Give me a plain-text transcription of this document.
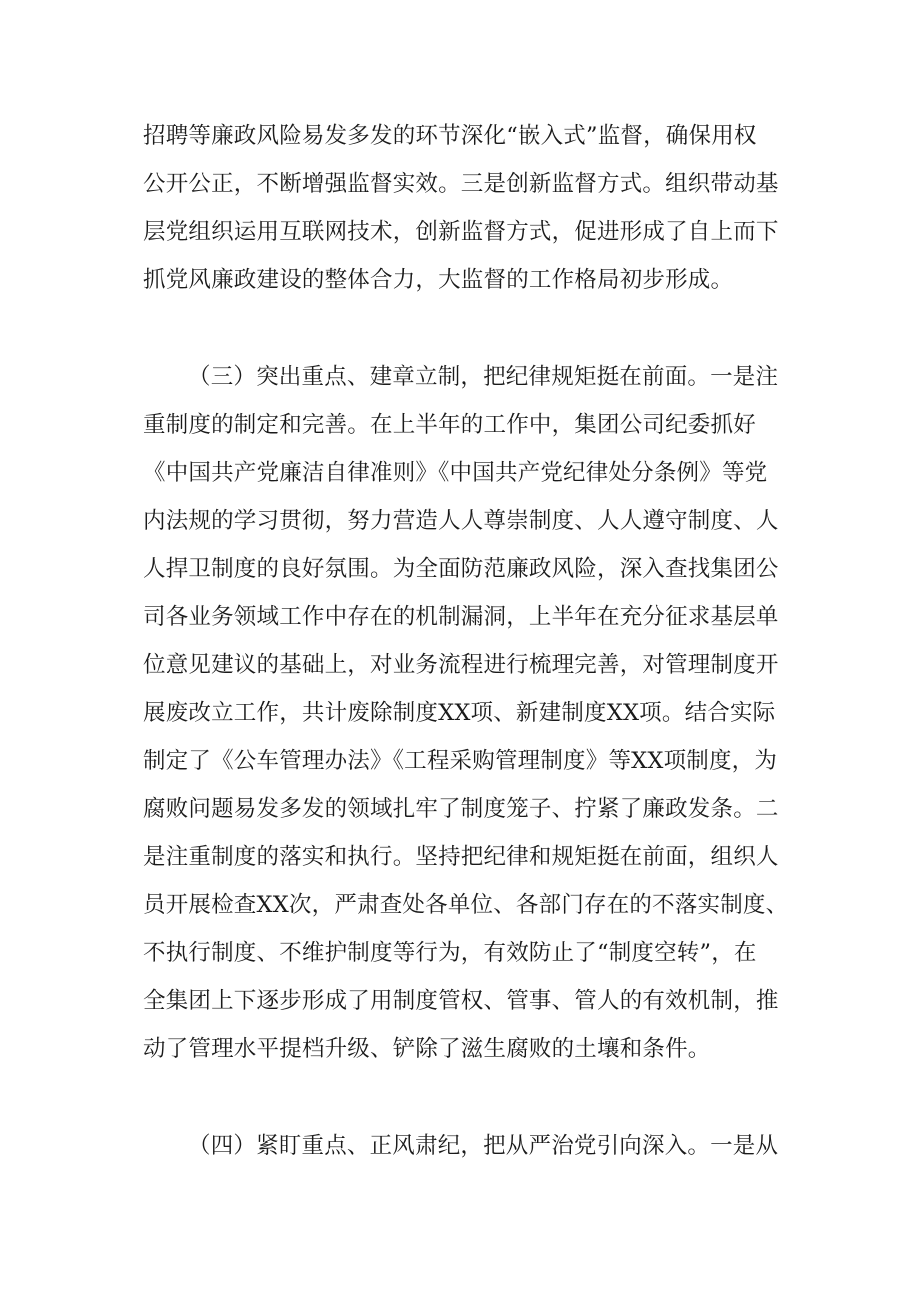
招聘等廉政风险易发多发的环节深化“嵌入式”监督，确保用权
公开公正，不断增强监督实效。三是创新监督方式。组织带动基
层党组织运用互联网技术，创新监督方式，促进形成了自上而下
抓党风廉政建设的整体合力，大监督的工作格局初步形成。
（三）突出重点、建章立制，把纪律规矩挺在前面。一是注
重制度的制定和完善。在上半年的工作中，集团公司纪委抓好
《中国共产党廉洁自律准则》《中国共产党纪律处分条例》等党
内法规的学习贯彻，努力营造人人尊崇制度、人人遵守制度、人
人捍卫制度的良好氛围。为全面防范廉政风险，深入查找集团公
司各业务领域工作中存在的机制漏洞，上半年在充分征求基层单
位意见建议的基础上，对业务流程进行梳理完善，对管理制度开
展废改立工作，共计废除制度XX项、新建制度XX项。结合实际
制定了《公车管理办法》《工程采购管理制度》等XX项制度，为
腐败问题易发多发的领域扎牢了制度笼子、拧紧了廉政发条。二
是注重制度的落实和执行。坚持把纪律和规矩挺在前面，组织人
员开展检查XX次，严肃查处各单位、各部门存在的不落实制度、
不执行制度、不维护制度等行为，有效防止了“制度空转”，在
全集团上下逐步形成了用制度管权、管事、管人的有效机制，推
动了管理水平提档升级、铲除了滋生腐败的土壤和条件。
（四）紧盯重点、正风肃纪，把从严治党引向深入。一是从
